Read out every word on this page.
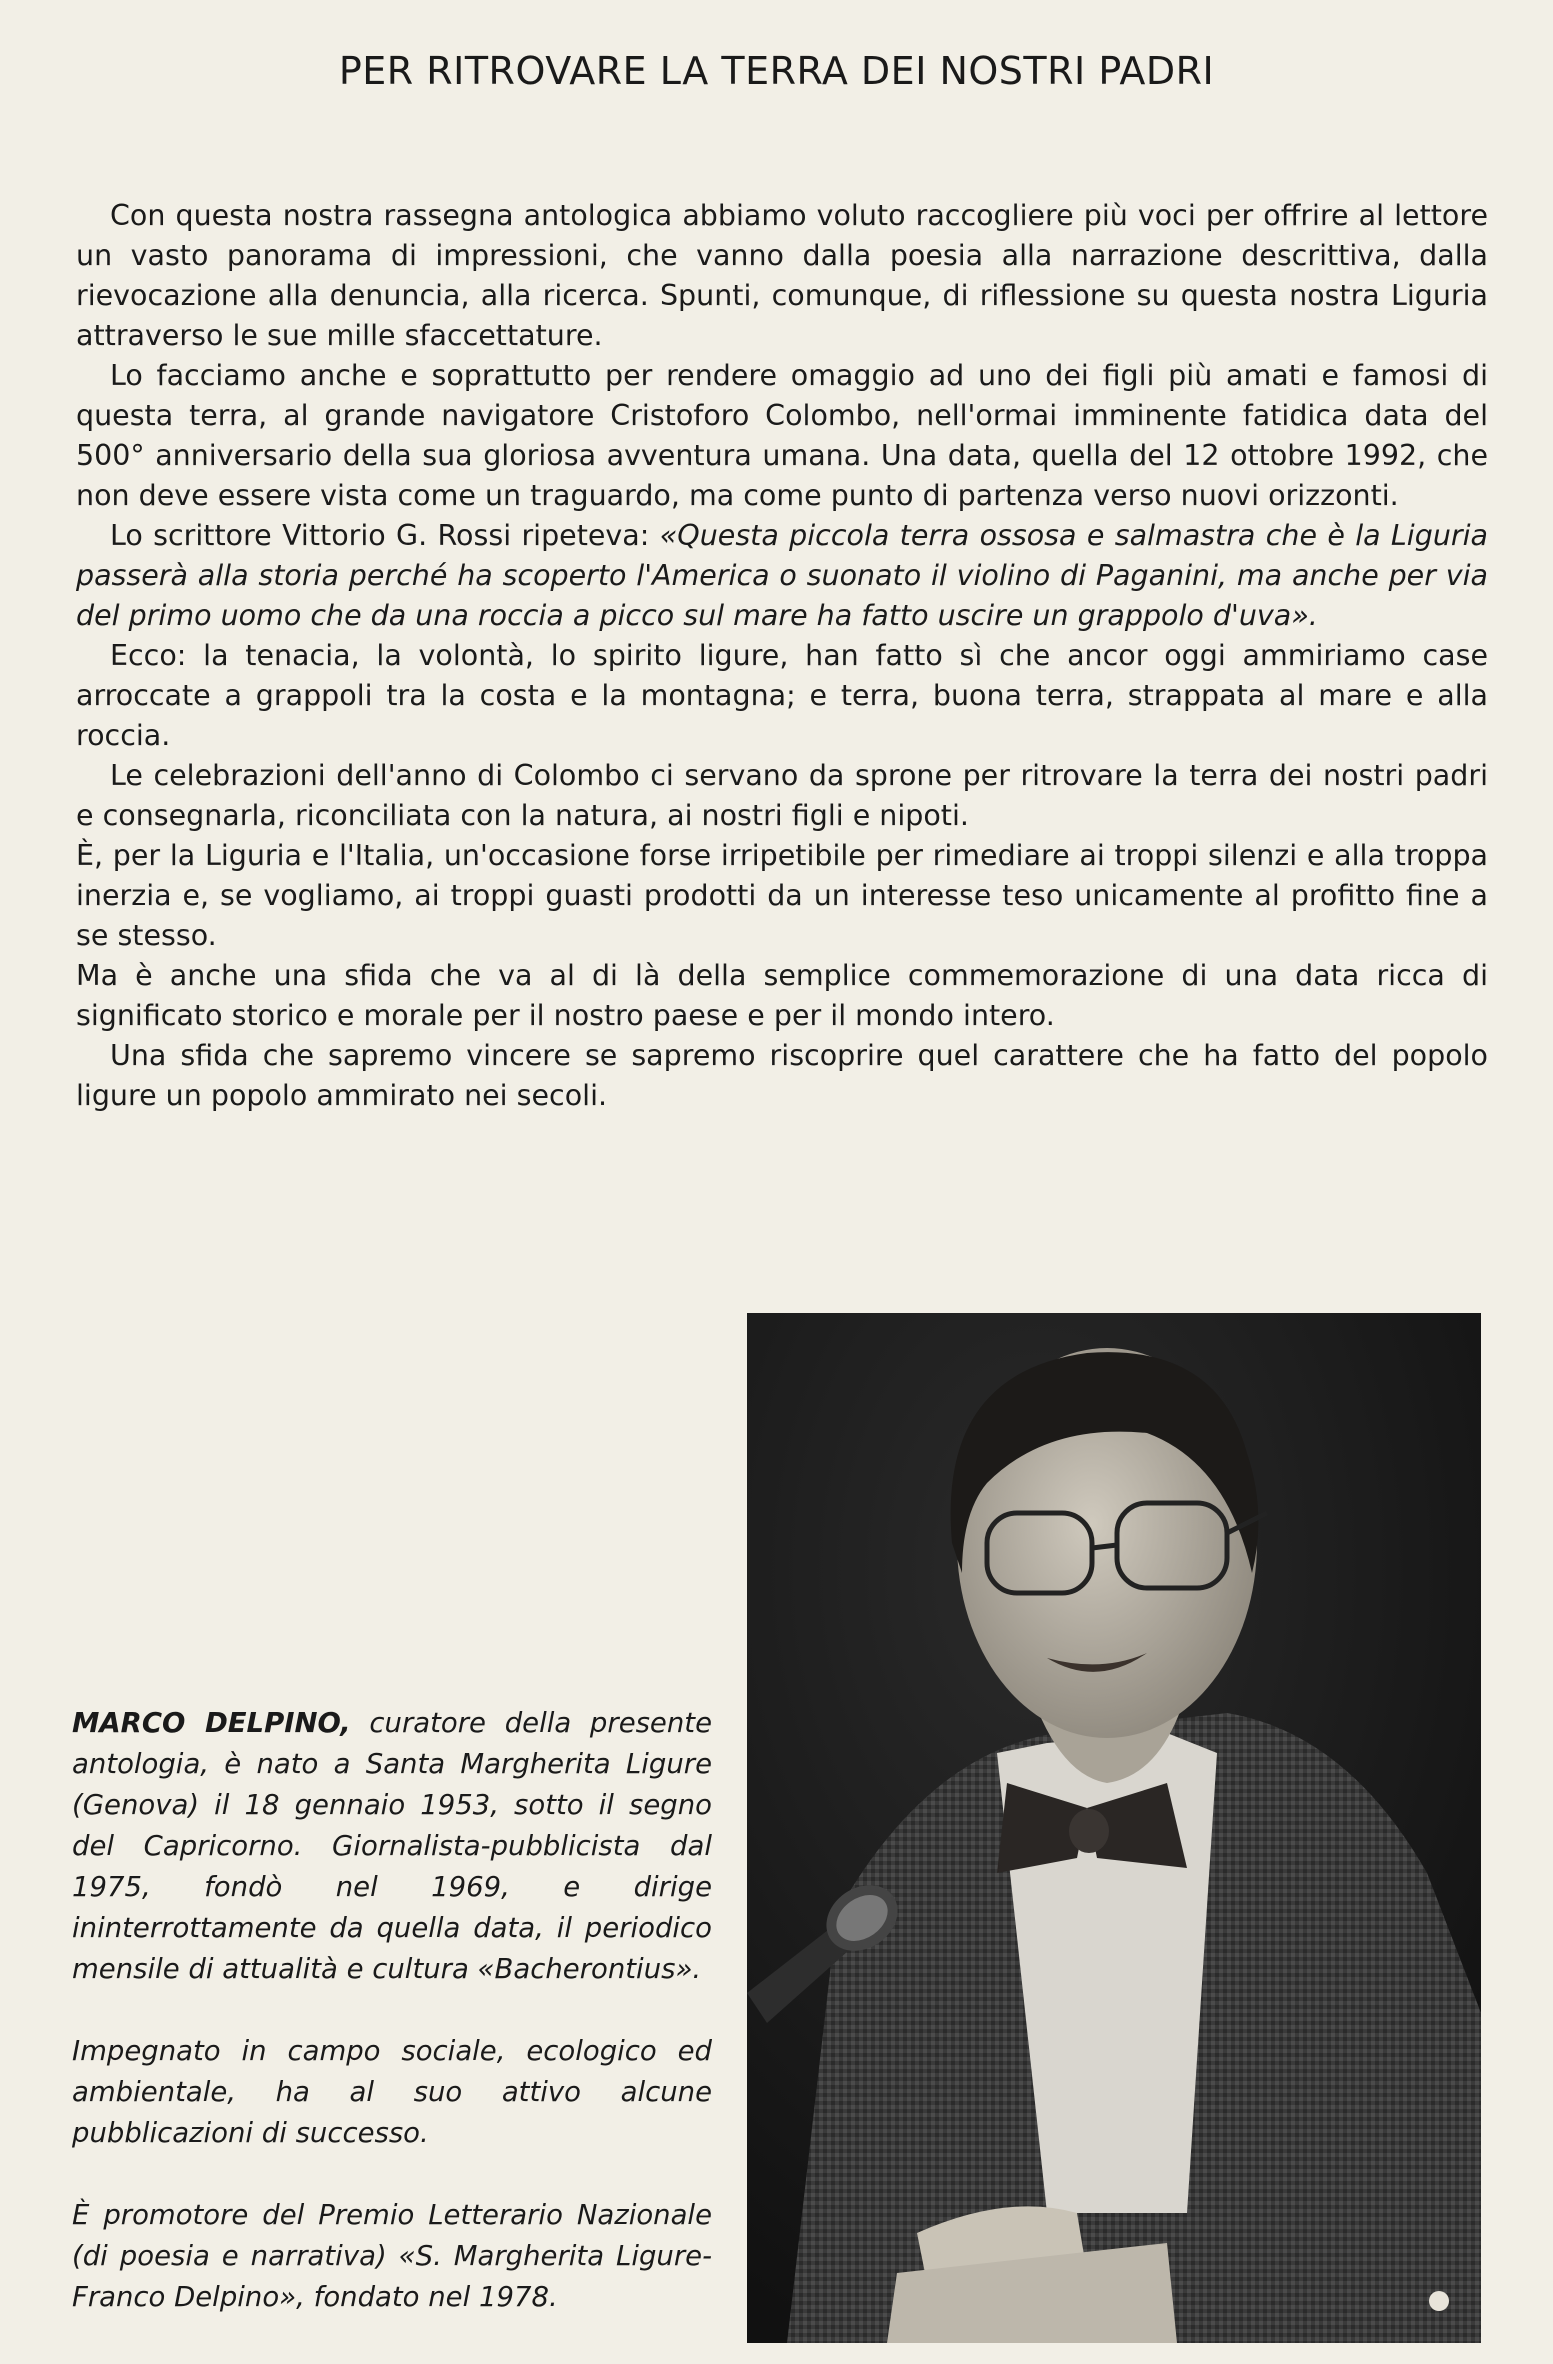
PER RITROVARE LA TERRA DEI NOSTRI PADRI

Con questa nostra rassegna antologica abbiamo voluto raccogliere più voci per offrire al lettore un vasto panorama di impressioni, che vanno dalla poesia alla narrazione descrittiva, dalla rievocazione alla denuncia, alla ricerca. Spunti, comunque, di riflessione su questa nostra Liguria attraverso le sue mille sfaccettature.

Lo facciamo anche e soprattutto per rendere omaggio ad uno dei figli più amati e famosi di questa terra, al grande navigatore Cristoforo Colombo, nell'ormai imminente fatidica data del 500° anniversario della sua gloriosa avventura umana. Una data, quella del 12 ottobre 1992, che non deve essere vista come un traguardo, ma come punto di partenza verso nuovi orizzonti.

Lo scrittore Vittorio G. Rossi ripeteva: «Questa piccola terra ossosa e salmastra che è la Liguria passerà alla storia perché ha scoperto l'America o suonato il violino di Paganini, ma anche per via del primo uomo che da una roccia a picco sul mare ha fatto uscire un grappolo d'uva».

Ecco: la tenacia, la volontà, lo spirito ligure, han fatto sì che ancor oggi ammiriamo case arroccate a grappoli tra la costa e la montagna; e terra, buona terra, strappata al mare e alla roccia.

Le celebrazioni dell'anno di Colombo ci servano da sprone per ritrovare la terra dei nostri padri e consegnarla, riconciliata con la natura, ai nostri figli e nipoti.

È, per la Liguria e l'Italia, un'occasione forse irripetibile per rimediare ai troppi silenzi e alla troppa inerzia e, se vogliamo, ai troppi guasti prodotti da un interesse teso unicamente al profitto fine a se stesso.

Ma è anche una sfida che va al di là della semplice commemorazione di una data ricca di significato storico e morale per il nostro paese e per il mondo intero.

Una sfida che sapremo vincere se sapremo riscoprire quel carattere che ha fatto del popolo ligure un popolo ammirato nei secoli.

MARCO DELPINO, curatore della presente antologia, è nato a Santa Margherita Ligure (Genova) il 18 gennaio 1953, sotto il segno del Capricorno. Giornalista-pubblicista dal 1975, fondò nel 1969, e dirige ininterrottamente da quella data, il periodico mensile di attualità e cultura «Bacherontius».

Impegnato in campo sociale, ecologico ed ambientale, ha al suo attivo alcune pubblicazioni di successo.

È promotore del Premio Letterario Nazionale (di poesia e narrativa) «S. Margherita Ligure-Franco Delpino», fondato nel 1978.
